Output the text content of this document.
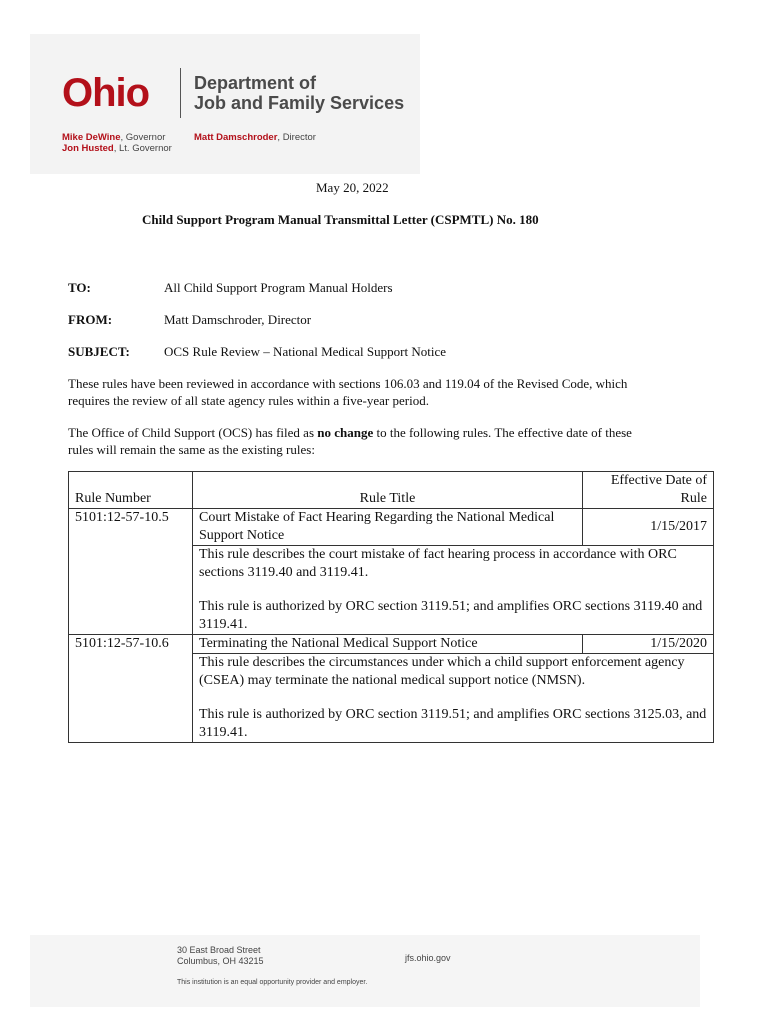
Ohio Department of
Job and Family Services
Mike DeWine, Governor
Jon Husted, Lt. Governor
Matt Damschroder, Director
May 20, 2022
Child Support Program Manual Transmittal Letter (CSPMTL) No. 180
TO:	All Child Support Program Manual Holders
FROM:	Matt Damschroder, Director
SUBJECT:	OCS Rule Review – National Medical Support Notice
These rules have been reviewed in accordance with sections 106.03 and 119.04 of the Revised Code, which
requires the review of all state agency rules within a five-year period.
The Office of Child Support (OCS) has filed as no change to the following rules. The effective date of these
rules will remain the same as the existing rules:
Rule Number	Rule Title	Effective Date of
Rule

5101:12-57-10.5	Court Mistake of Fact Hearing Regarding the National Medical Support Notice	1/15/2017

	This rule describes the court mistake of fact hearing process in accordance with ORC sections 3119.40 and 3119.41.

This rule is authorized by ORC section 3119.51; and amplifies ORC sections 3119.40 and 3119.41.	

5101:12-57-10.6	Terminating the National Medical Support Notice	1/15/2020

	This rule describes the circumstances under which a child support enforcement agency (CSEA) may terminate the national medical support notice (NMSN).

This rule is authorized by ORC section 3119.51; and amplifies ORC sections 3125.03, and 3119.41.	

30 East Broad Street
Columbus, OH 43215	jfs.ohio.gov
This institution is an equal opportunity provider and employer.
